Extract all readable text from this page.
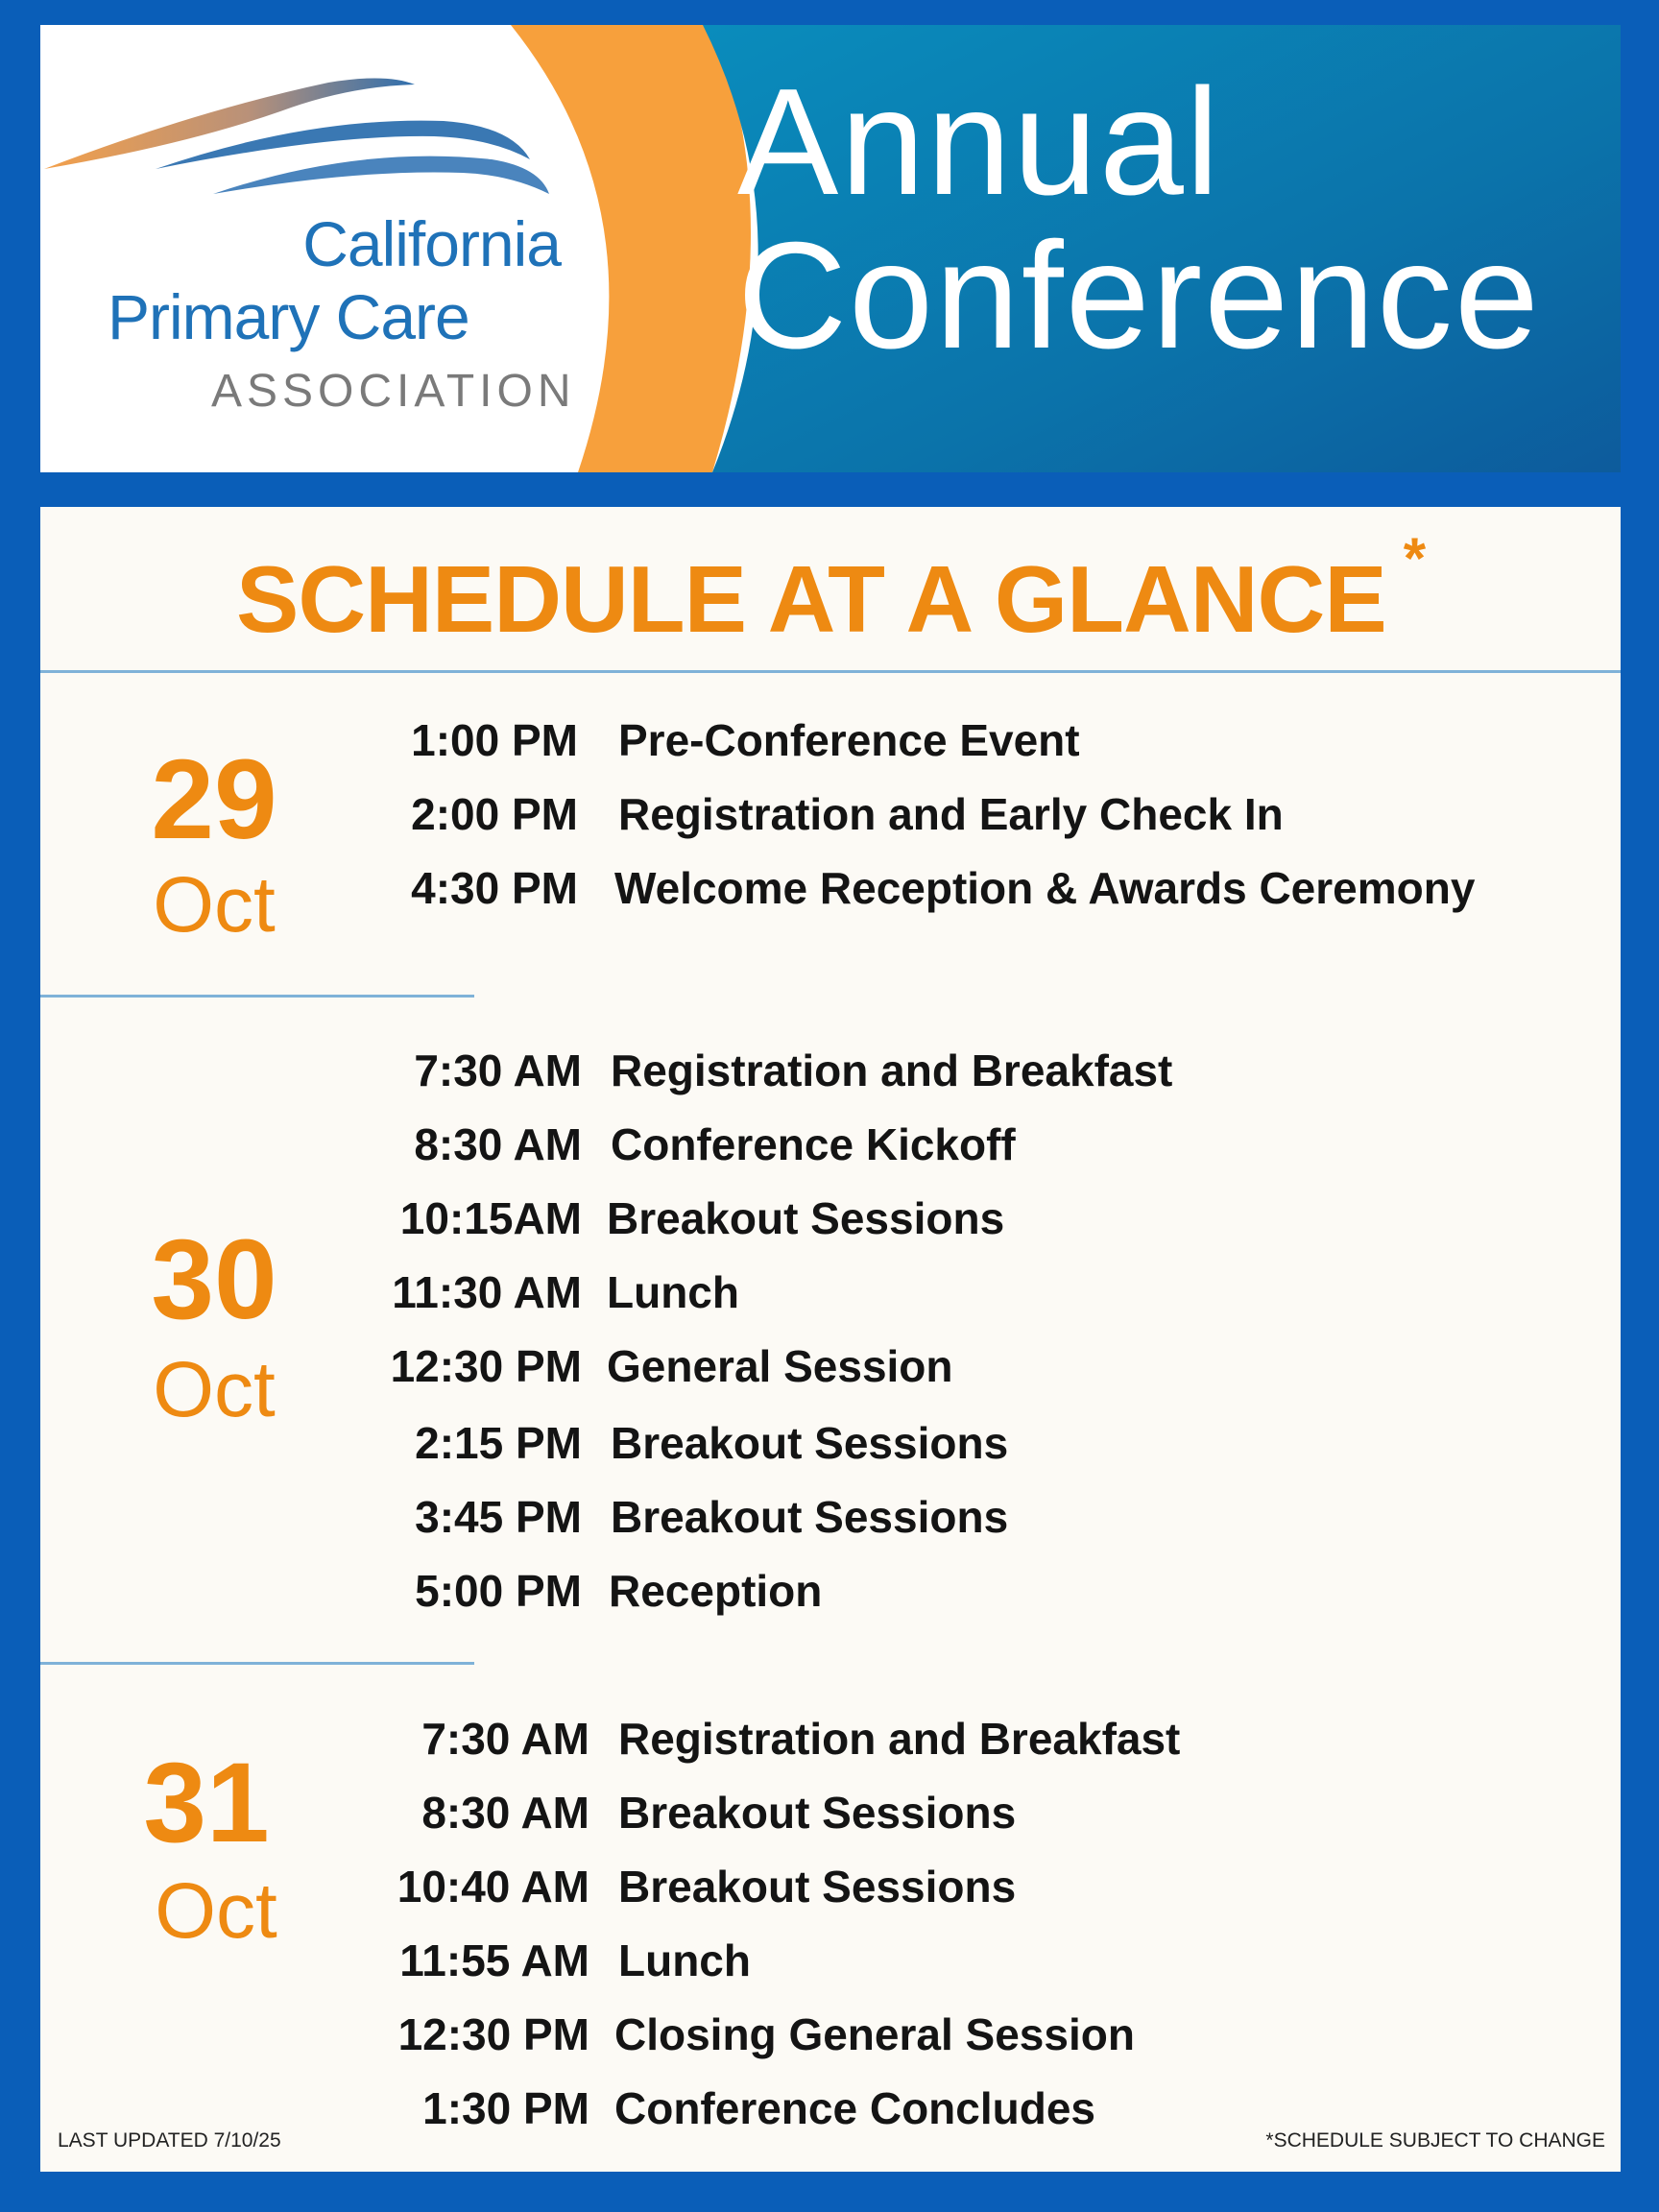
California
Primary Care
ASSOCIATION
Annual
Conference
SCHEDULE AT A GLANCE *
29
Oct
1:00 PM Pre-Conference Event
2:00 PM Registration and Early Check In
4:30 PM Welcome Reception & Awards Ceremony
30
Oct
7:30 AM Registration and Breakfast
8:30 AM Conference Kickoff
10:15AM Breakout Sessions
11:30 AM Lunch
12:30 PM General Session
2:15 PM Breakout Sessions
3:45 PM Breakout Sessions
5:00 PM Reception
31
Oct
7:30 AM Registration and Breakfast
8:30 AM Breakout Sessions
10:40 AM Breakout Sessions
11:55 AM Lunch
12:30 PM Closing General Session
1:30 PM Conference Concludes
LAST UPDATED 7/10/25	*SCHEDULE SUBJECT TO CHANGE
